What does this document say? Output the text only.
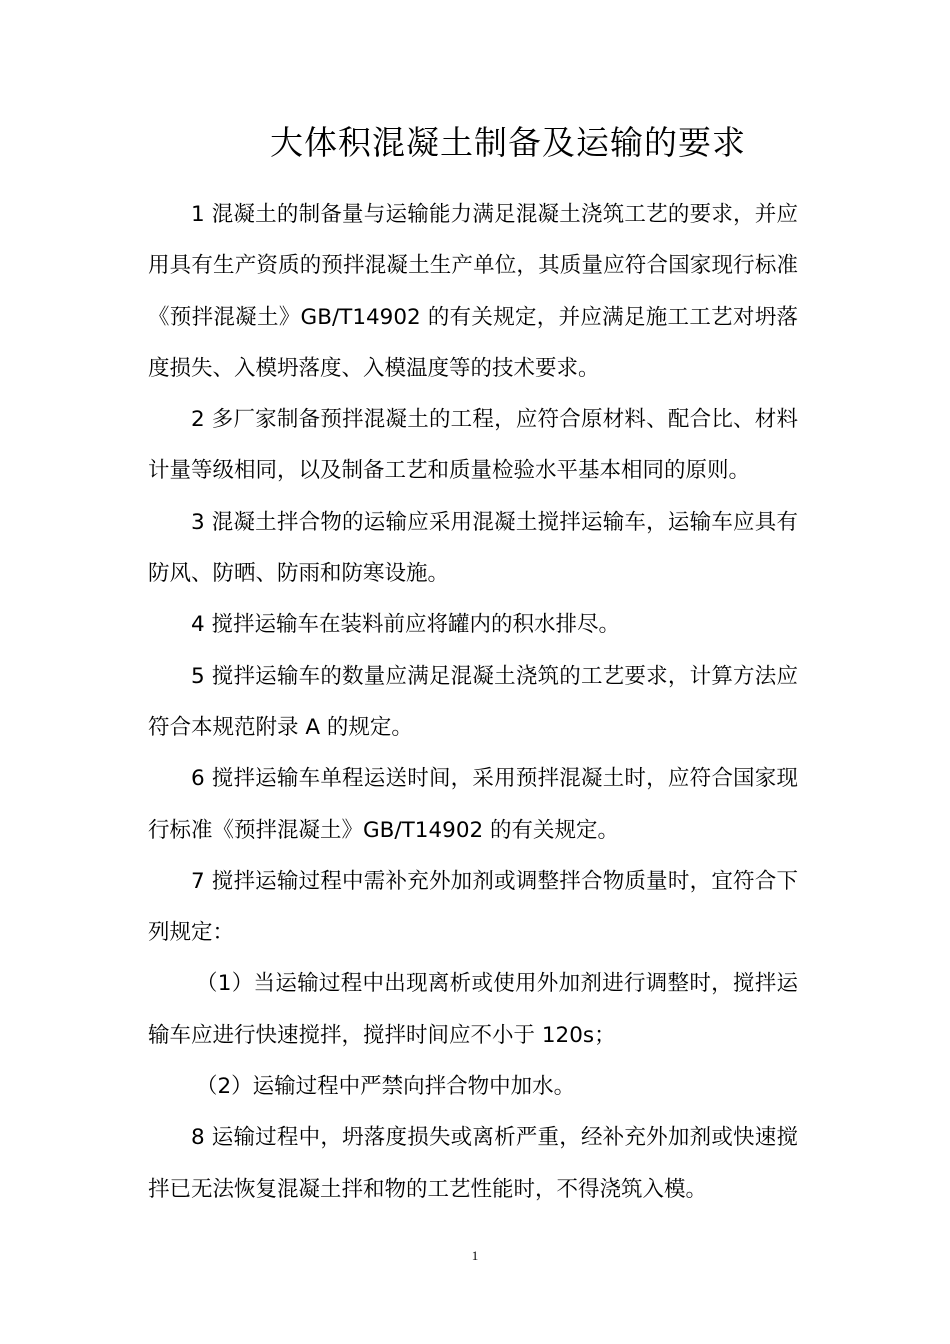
大体积混凝土制备及运输的要求

1 混凝土的制备量与运输能力满足混凝土浇筑工艺的要求，并应用具有生产资质的预拌混凝土生产单位，其质量应符合国家现行标准《预拌混凝土》GB/T14902 的有关规定，并应满足施工工艺对坍落度损失、入模坍落度、入模温度等的技术要求。

2 多厂家制备预拌混凝土的工程，应符合原材料、配合比、材料计量等级相同，以及制备工艺和质量检验水平基本相同的原则。

3 混凝土拌合物的运输应采用混凝土搅拌运输车，运输车应具有防风、防晒、防雨和防寒设施。

4 搅拌运输车在装料前应将罐内的积水排尽。

5 搅拌运输车的数量应满足混凝土浇筑的工艺要求，计算方法应符合本规范附录 A 的规定。

6 搅拌运输车单程运送时间，采用预拌混凝土时，应符合国家现行标准《预拌混凝土》GB/T14902 的有关规定。

7 搅拌运输过程中需补充外加剂或调整拌合物质量时，宜符合下列规定：

（1）当运输过程中出现离析或使用外加剂进行调整时，搅拌运输车应进行快速搅拌，搅拌时间应不小于 120s；

（2）运输过程中严禁向拌合物中加水。

8 运输过程中，坍落度损失或离析严重，经补充外加剂或快速搅拌已无法恢复混凝土拌和物的工艺性能时，不得浇筑入模。

1
